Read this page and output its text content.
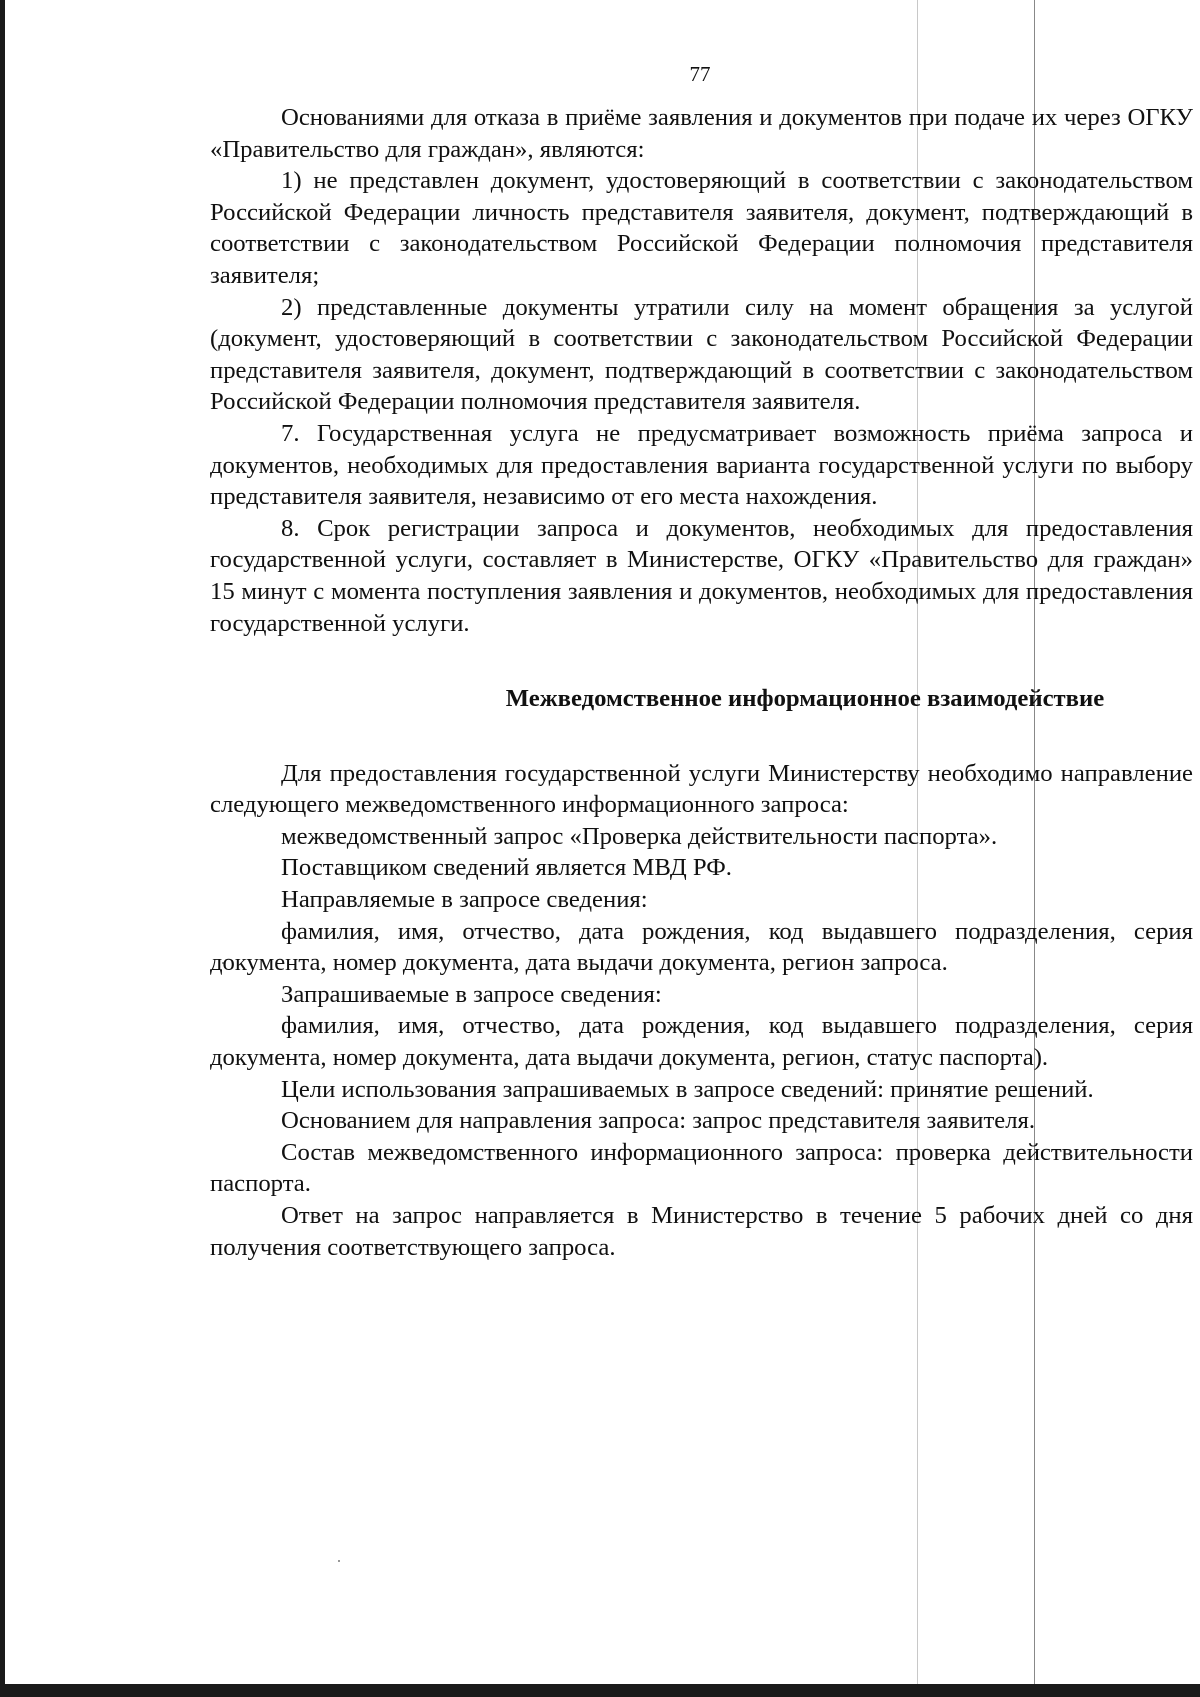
77

Основаниями для отказа в приёме заявления и документов при подаче их через ОГКУ «Правительство для граждан», являются:

1) не представлен документ, удостоверяющий в соответствии с законодательством Российской Федерации личность представителя заявителя, документ, подтверждающий в соответствии с законодательством Российской Федерации полномочия представителя заявителя;

2) представленные документы утратили силу на момент обращения за услугой (документ, удостоверяющий в соответствии с законодательством Российской Федерации представителя заявителя, документ, подтверждающий в соответствии с законодательством Российской Федерации полномочия представителя заявителя.

7. Государственная услуга не предусматривает возможность приёма запроса и документов, необходимых для предоставления варианта государственной услуги по выбору представителя заявителя, независимо от его места нахождения.

8. Срок регистрации запроса и документов, необходимых для предоставления государственной услуги, составляет в Министерстве, ОГКУ «Правительство для граждан» 15 минут с момента поступления заявления и документов, необходимых для предоставления государственной услуги.

Межведомственное информационное взаимодействие

Для предоставления государственной услуги Министерству необходимо направление следующего межведомственного информационного запроса:

межведомственный запрос «Проверка действительности паспорта».

Поставщиком сведений является МВД РФ.

Направляемые в запросе сведения:

фамилия, имя, отчество, дата рождения, код выдавшего подразделения, серия документа, номер документа, дата выдачи документа, регион запроса.

Запрашиваемые в запросе сведения:

фамилия, имя, отчество, дата рождения, код выдавшего подразделения, серия документа, номер документа, дата выдачи документа, регион, статус паспорта).

Цели использования запрашиваемых в запросе сведений: принятие решений.

Основанием для направления запроса: запрос представителя заявителя.

Состав межведомственного информационного запроса: проверка действительности паспорта.

Ответ на запрос направляется в Министерство в течение 5 рабочих дней со дня получения соответствующего запроса.
